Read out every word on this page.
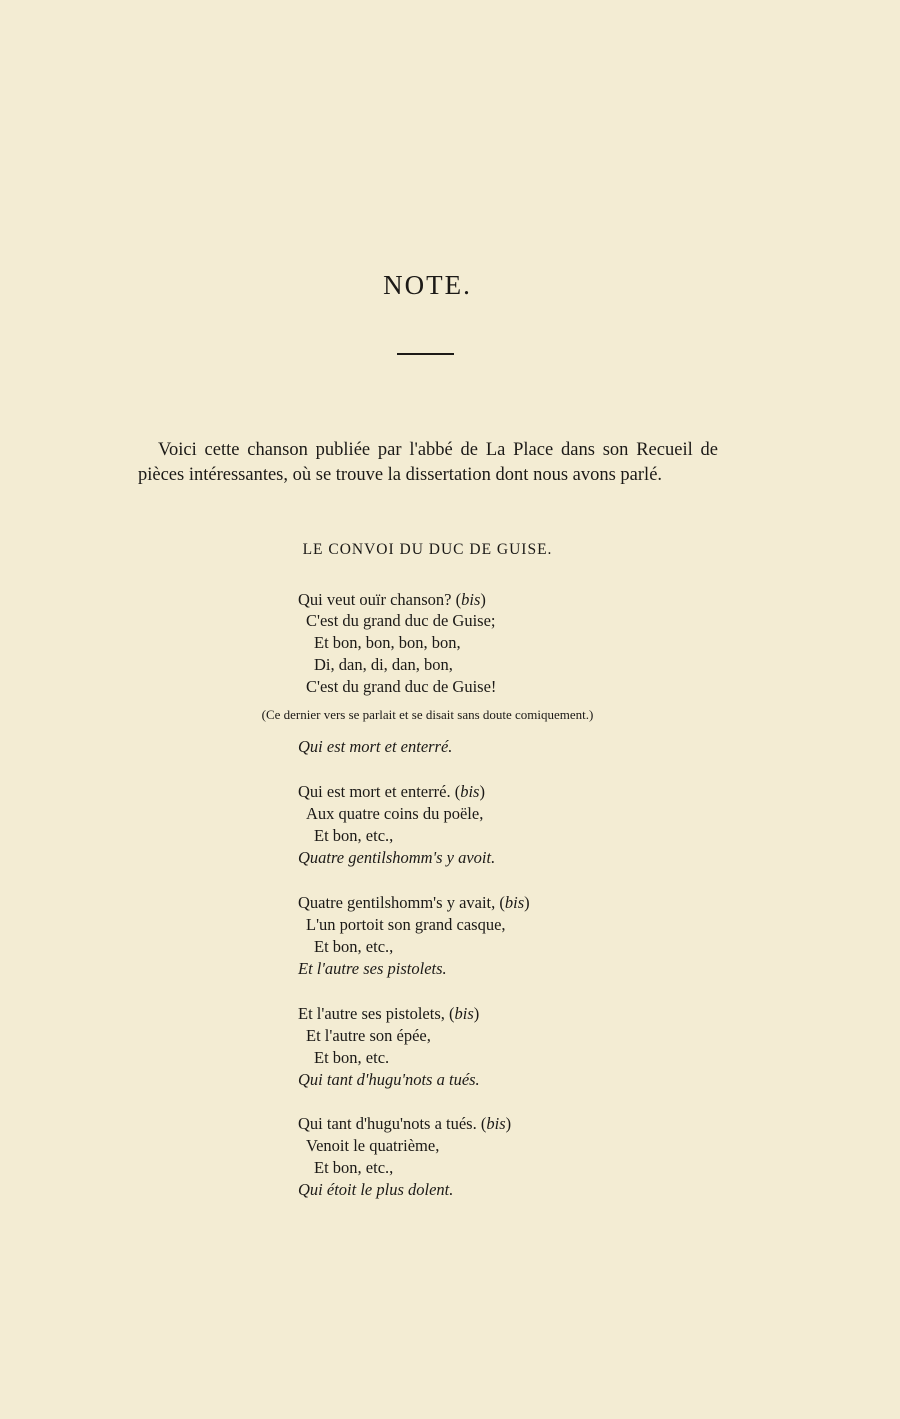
NOTE.

Voici cette chanson publiée par l'abbé de La Place dans son Recueil de pièces intéressantes, où se trouve la dissertation dont nous avons parlé.

LE CONVOI DU DUC DE GUISE.
Qui veut ouïr chanson? (bis)
C'est du grand duc de Guise;
Et bon, bon, bon, bon,
Di, dan, di, dan, bon,
C'est du grand duc de Guise!
(Ce dernier vers se parlait et se disait sans doute comiquement.)
Qui est mort et enterré.
Qui est mort et enterré. (bis)
Aux quatre coins du poële,
Et bon, etc.,
Quatre gentilshomm's y avoit.
Quatre gentilshomm's y avait, (bis)
L'un portoit son grand casque,
Et bon, etc.,
Et l'autre ses pistolets.
Et l'autre ses pistolets, (bis)
Et l'autre son épée,
Et bon, etc.
Qui tant d'hugu'nots a tués.
Qui tant d'hugu'nots a tués. (bis)
Venoit le quatrième,
Et bon, etc.,
Qui étoit le plus dolent.
